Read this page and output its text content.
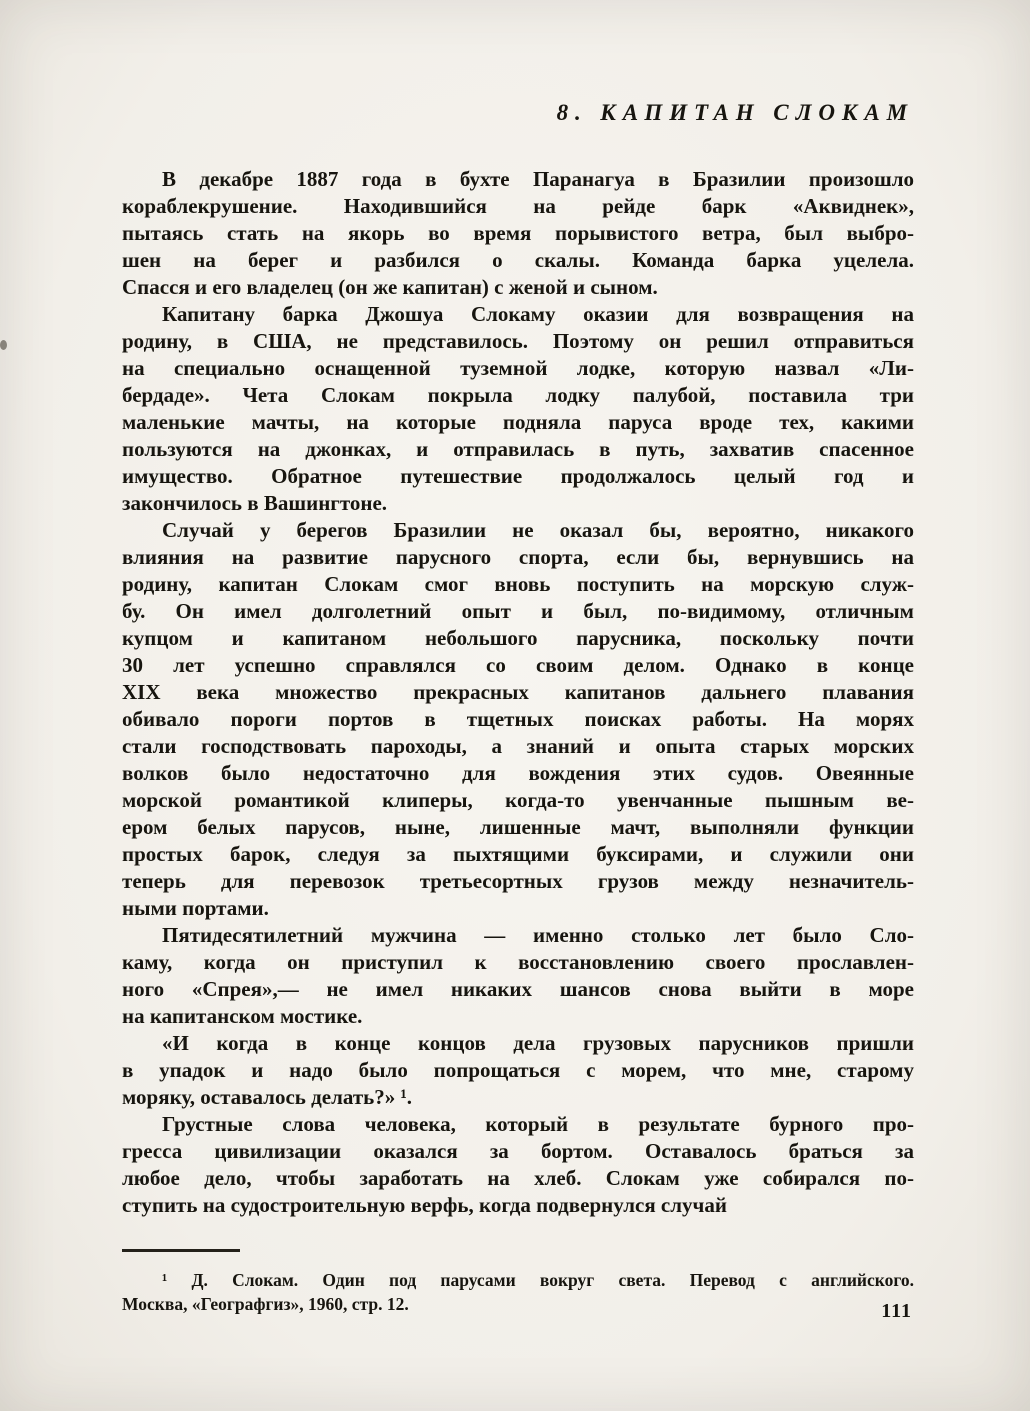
8. КАПИТАН СЛОКАМ
В декабре 1887 года в бухте Паранагуа в Бразилии произошло
кораблекрушение. Находившийся на рейде барк «Аквиднек»,
пытаясь стать на якорь во время порывистого ветра, был выбро-
шен на берег и разбился о скалы. Команда барка уцелела.
Спасся и его владелец (он же капитан) с женой и сыном.
Капитану барка Джошуа Слокаму оказии для возвращения на
родину, в США, не представилось. Поэтому он решил отправиться
на специально оснащенной туземной лодке, которую назвал «Ли-
бердаде». Чета Слокам покрыла лодку палубой, поставила три
маленькие мачты, на которые подняла паруса вроде тех, какими
пользуются на джонках, и отправилась в путь, захватив спасенное
имущество. Обратное путешествие продолжалось целый год и
закончилось в Вашингтоне.
Случай у берегов Бразилии не оказал бы, вероятно, никакого
влияния на развитие парусного спорта, если бы, вернувшись на
родину, капитан Слокам смог вновь поступить на морскую служ-
бу. Он имел долголетний опыт и был, по-видимому, отличным
купцом и капитаном небольшого парусника, поскольку почти
30 лет успешно справлялся со своим делом. Однако в конце
XIX века множество прекрасных капитанов дальнего плавания
обивало пороги портов в тщетных поисках работы. На морях
стали господствовать пароходы, а знаний и опыта старых морских
волков было недостаточно для вождения этих судов. Овеянные
морской романтикой клиперы, когда-то увенчанные пышным ве-
ером белых парусов, ныне, лишенные мачт, выполняли функции
простых барок, следуя за пыхтящими буксирами, и служили они
теперь для перевозок третьесортных грузов между незначитель-
ными портами.
Пятидесятилетний мужчина — именно столько лет было Сло-
каму, когда он приступил к восстановлению своего прославлен-
ного «Спрея»,— не имел никаких шансов снова выйти в море
на капитанском мостике.
«И когда в конце концов дела грузовых парусников пришли
в упадок и надо было попрощаться с морем, что мне, старому
моряку, оставалось делать?» ¹.
Грустные слова человека, который в результате бурного про-
гресса цивилизации оказался за бортом. Оставалось браться за
любое дело, чтобы заработать на хлеб. Слокам уже собирался по-
ступить на судостроительную верфь, когда подвернулся случай
¹ Д. Слокам. Один под парусами вокруг света. Перевод с английского.
Москва, «Географгиз», 1960, стр. 12.	111
